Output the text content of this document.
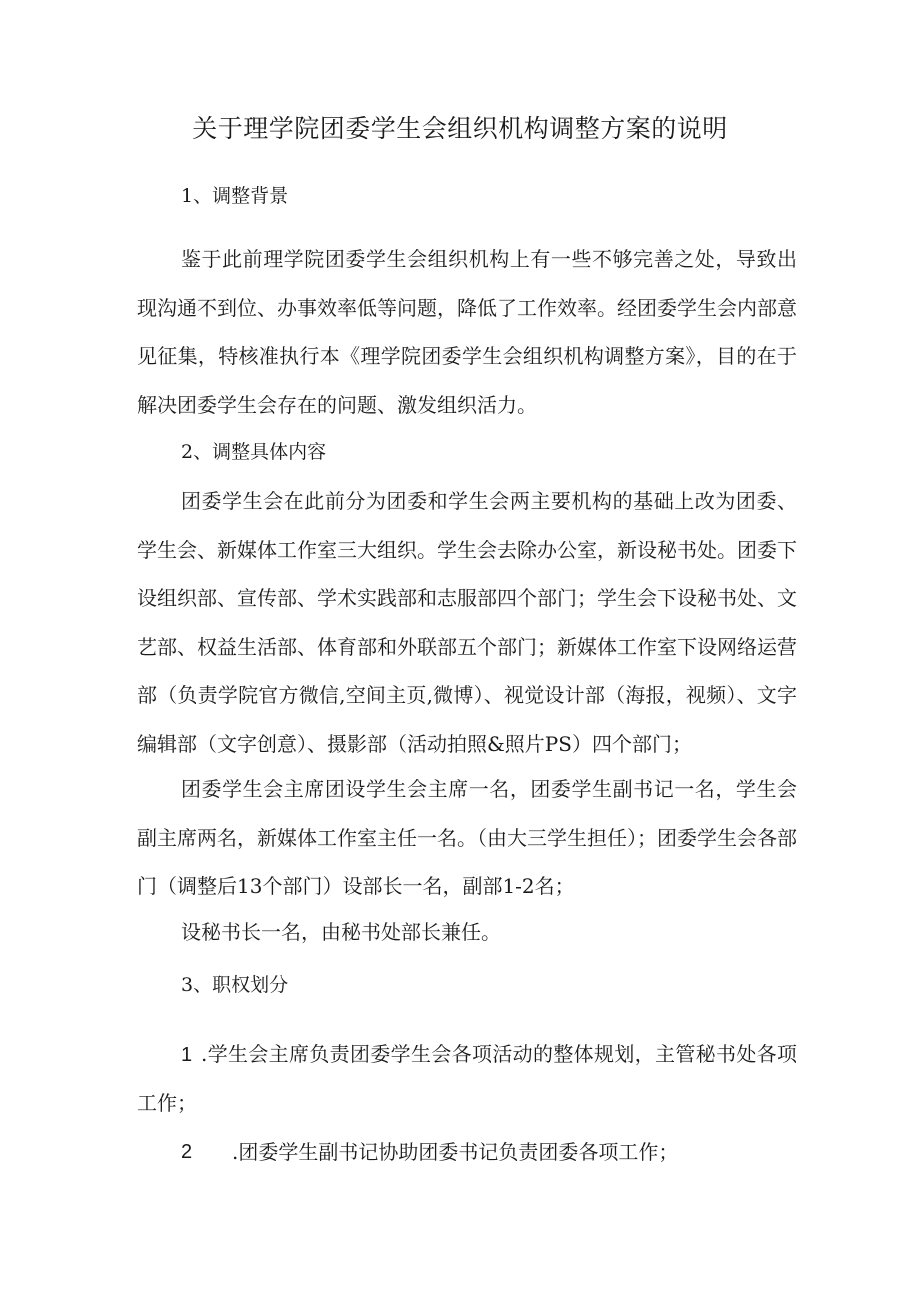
关于理学院团委学生会组织机构调整方案的说明
1、调整背景

鉴于此前理学院团委学生会组织机构上有一些不够完善之处，导致出现沟通不到位、办事效率低等问题，降低了工作效率。经团委学生会内部意见征集，特核准执行本《理学院团委学生会组织机构调整方案》，目的在于解决团委学生会存在的问题、激发组织活力。

2、调整具体内容

团委学生会在此前分为团委和学生会两主要机构的基础上改为团委、学生会、新媒体工作室三大组织。学生会去除办公室，新设秘书处。团委下设组织部、宣传部、学术实践部和志服部四个部门；学生会下设秘书处、文艺部、权益生活部、体育部和外联部五个部门；新媒体工作室下设网络运营部（负责学院官方微信,空间主页,微博）、视觉设计部（海报，视频）、文字编辑部（文字创意）、摄影部（活动拍照&照片PS）四个部门；

团委学生会主席团设学生会主席一名，团委学生副书记一名，学生会副主席两名，新媒体工作室主任一名。（由大三学生担任）；团委学生会各部门（调整后13个部门）设部长一名，副部1-2名；

设秘书长一名，由秘书处部长兼任。

3、职权划分
1 .学生会主席负责团委学生会各项活动的整体规划，主管秘书处各项工作；

2 .团委学生副书记协助团委书记负责团委各项工作；
